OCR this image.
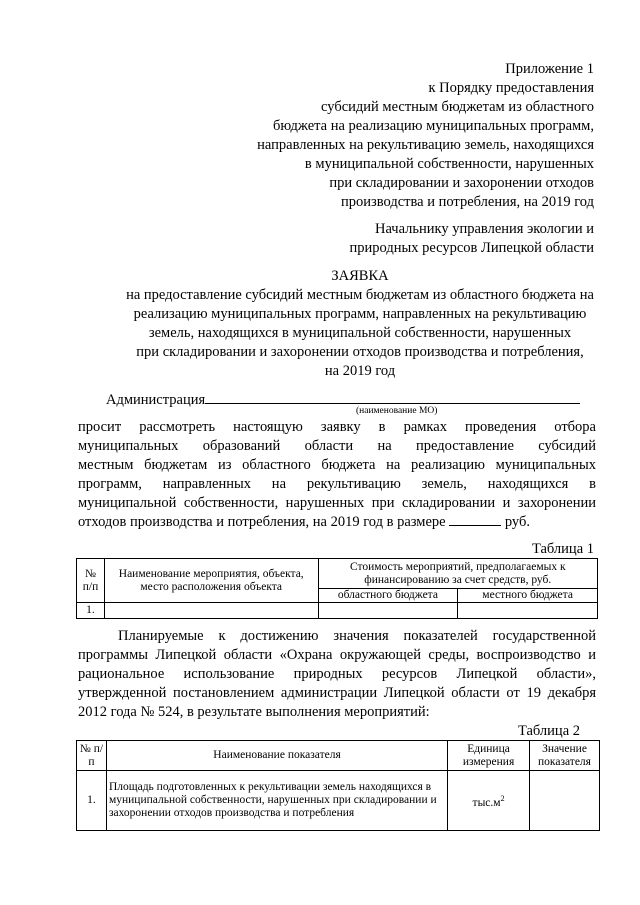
Приложение 1
к Порядку предоставления
субсидий местным бюджетам из областного
бюджета на реализацию муниципальных программ,
направленных на рекультивацию земель, находящихся
в муниципальной собственности, нарушенных
при складировании и захоронении отходов
производства и потребления, на 2019 год
Начальнику управления экологии и
природных ресурсов Липецкой области
ЗАЯВКА
на предоставление субсидий местным бюджетам из областного бюджета на
реализацию муниципальных программ, направленных на рекультивацию
земель, находящихся в муниципальной собственности, нарушенных
при складировании и захоронении отходов производства и потребления,
на 2019 год
Администрация
(наименование МО)
просит рассмотреть настоящую заявку в рамках проведения отбора
муниципальных образований области на предоставление субсидий
местным бюджетам из областного бюджета на реализацию муниципальных
программ, направленных на рекультивацию земель, находящихся в
муниципальной собственности, нарушенных при складировании и захоронении
отходов производства и потребления, на 2019 год в размере	руб.
Таблица 1
№ п/п	Наименование мероприятия, объекта, место расположения объекта	Стоимость мероприятий, предполагаемых к финансированию за счет средств, руб.	
		областного бюджета	местного бюджета
1.			
Планируемые к достижению значения показателей государственной
программы Липецкой области «Охрана окружающей среды, воспроизводство и
рациональное использование природных ресурсов Липецкой области»,
утвержденной постановлением администрации Липецкой области от 19 декабря
2012 года № 524, в результате выполнения мероприятий:
Таблица 2
№ п/п	Наименование показателя	Единица измерения	Значение показателя
1.	Площадь подготовленных к рекультивации земель находящихся в муниципальной собственности, нарушенных при складировании и захоронении отходов производства и потребления	$тыс.м^2$	
